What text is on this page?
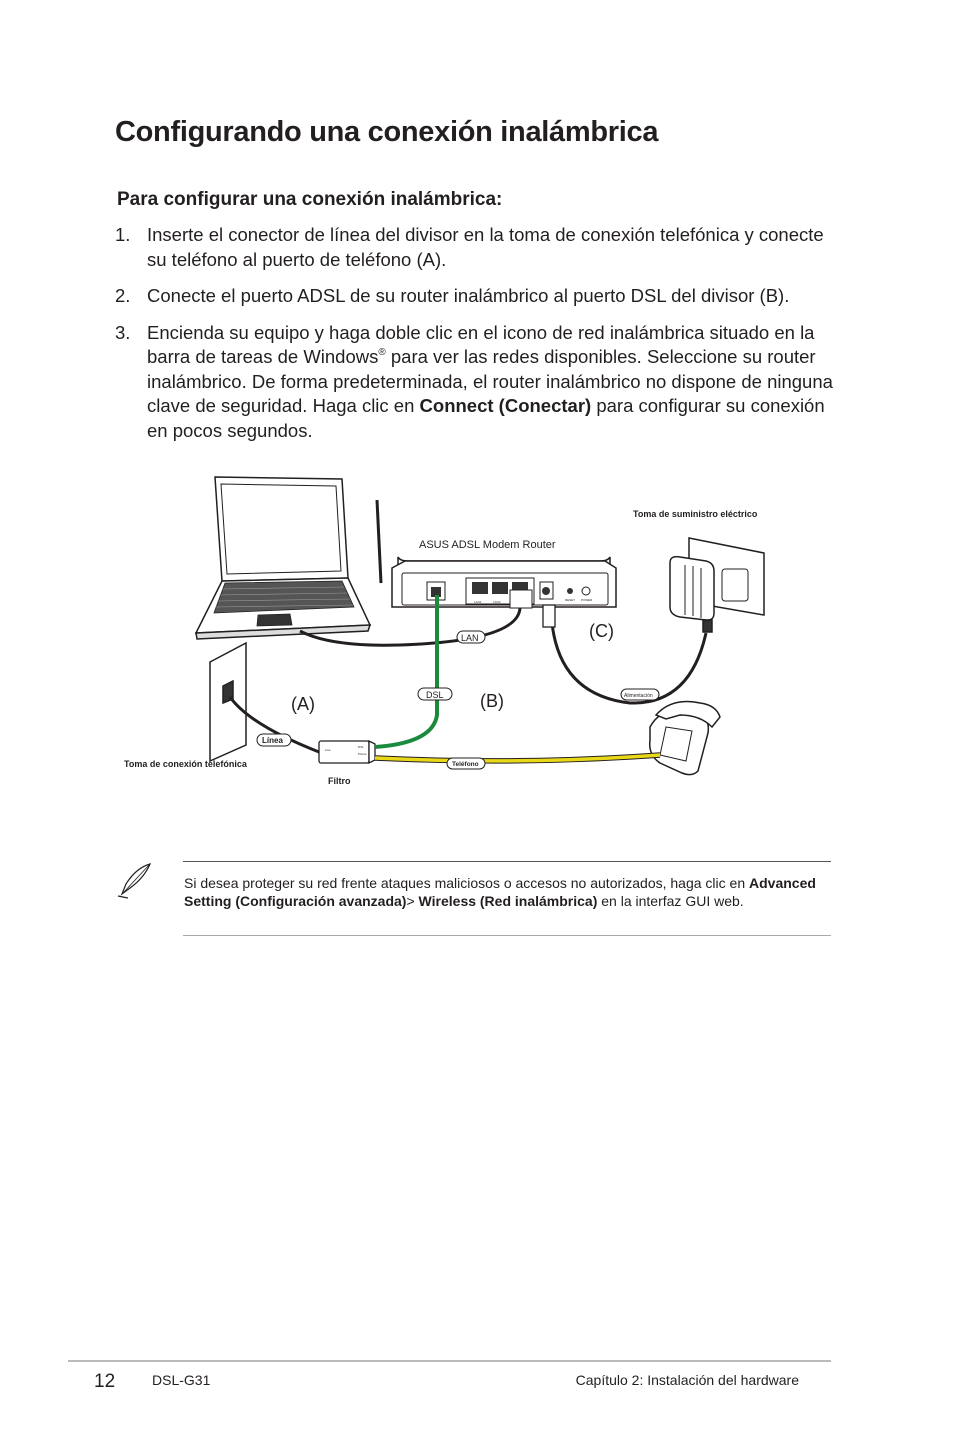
Configurando una conexión inalámbrica
Para configurar una conexión inalámbrica:
1. Inserte el conector de línea del divisor en la toma de conexión telefónica y conecte su teléfono al puerto de teléfono (A).
2. Conecte el puerto ADSL de su router inalámbrico al puerto DSL del divisor (B).
3. Encienda su equipo y haga doble clic en el icono de red inalámbrica situado en la barra de tareas de Windows® para ver las redes disponibles. Seleccione su router inalámbrico. De forma predeterminada, el router inalámbrico no dispone de ninguna clave de seguridad. Haga clic en Connect (Conectar) para configurar su conexión en pocos segundos.
LAN1	LAN2	RESET POWER
ASUS ADSL Modem Router
Toma de suministro eléctrico
Toma de conexión telefónica
Line
DSL
Phone
Filtro
LAN
DSL
Línea
Teléfono
Alimentación
(A)	(B)
(C)
Si desea proteger su red frente ataques maliciosos o accesos no autorizados, haga clic en Advanced Setting (Configuración avanzada)> Wireless (Red inalámbrica) en la interfaz GUI web.
12	DSL-G31	Capítulo 2: Instalación del hardware
